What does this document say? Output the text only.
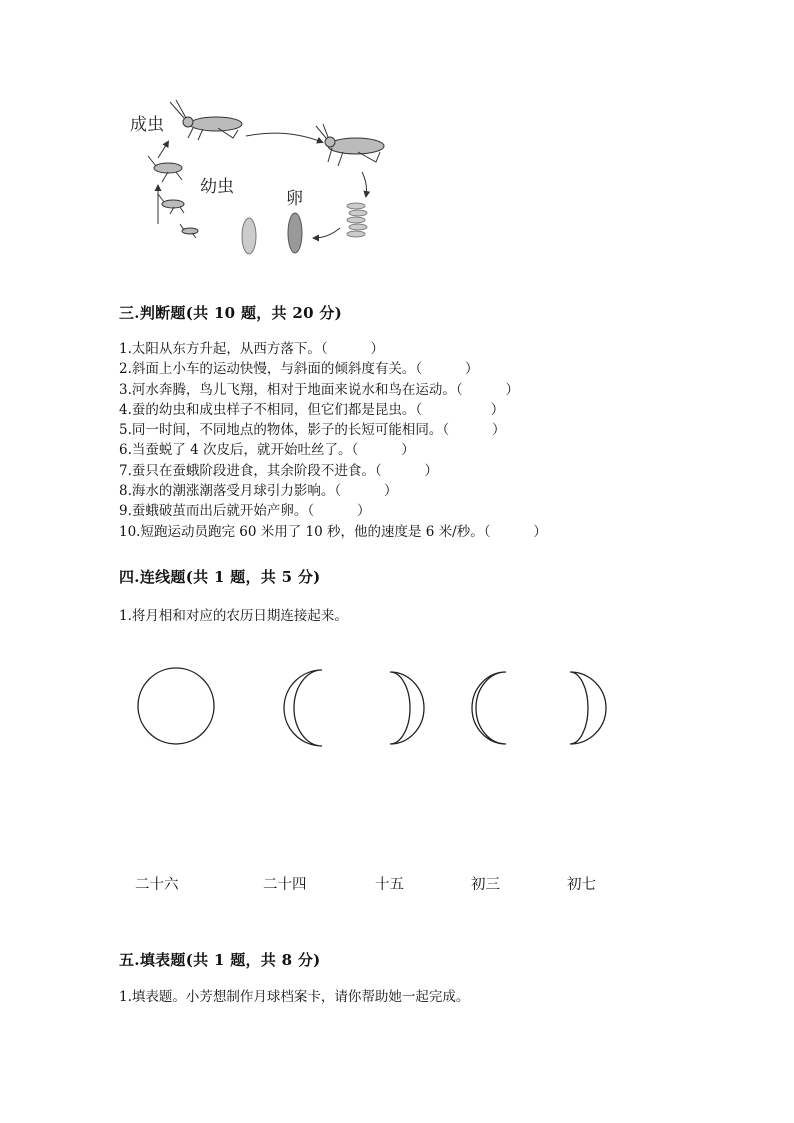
成虫
幼虫
卵
三.判断题(共 10 题，共 20 分)
1.太阳从东方升起，从西方落下。（          ）
2.斜面上小车的运动快慢，与斜面的倾斜度有关。（          ）
3.河水奔腾，鸟儿飞翔，相对于地面来说水和鸟在运动。（          ）
4.蚕的幼虫和成虫样子不相同，但它们都是昆虫。（                ）
5.同一时间，不同地点的物体，影子的长短可能相同。（          ）
6.当蚕蜕了 4 次皮后，就开始吐丝了。（          ）
7.蚕只在蚕蛾阶段进食，其余阶段不进食。（          ）
8.海水的潮涨潮落受月球引力影响。（          ）
9.蚕蛾破茧而出后就开始产卵。（          ）
10.短跑运动员跑完 60 米用了 10 秒，他的速度是 6 米/秒。（          ）
四.连线题(共 1 题，共 5 分)
1.将月相和对应的农历日期连接起来。
二十六	二十四	十五	初三	初七
五.填表题(共 1 题，共 8 分)
1.填表题。小芳想制作月球档案卡，请你帮助她一起完成。
